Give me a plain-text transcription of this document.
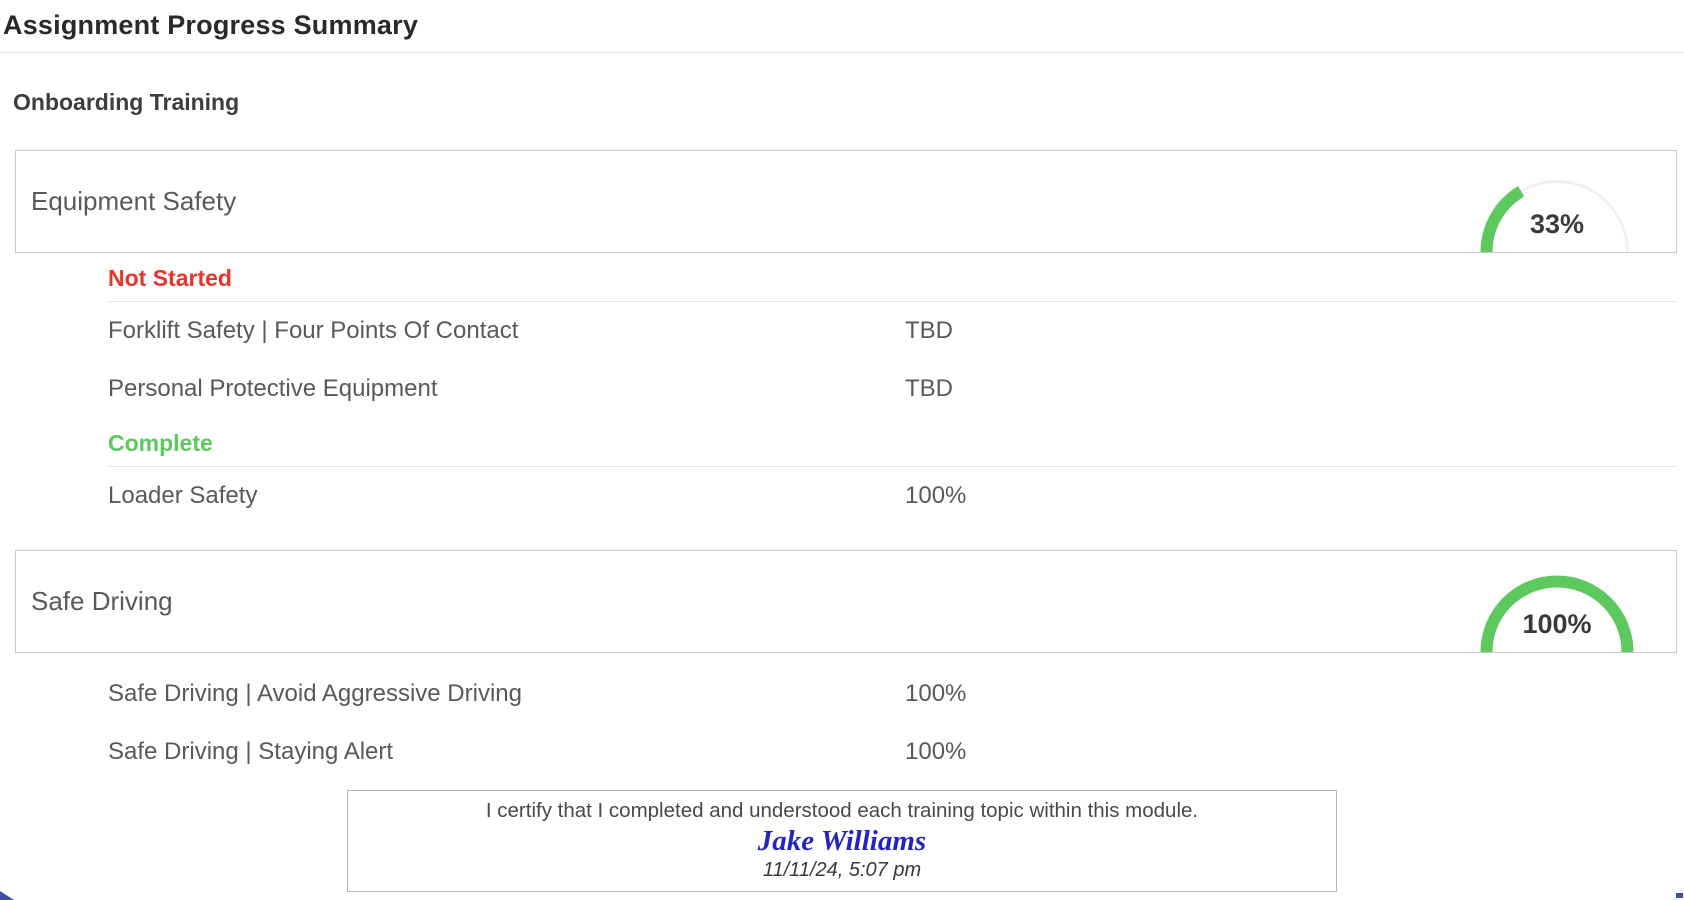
Assignment Progress Summary
Onboarding Training
Equipment Safety
33%
Not Started
Forklift Safety | Four Points Of Contact	TBD
Personal Protective Equipment	TBD
Complete
Loader Safety	100%
Safe Driving
100%
Safe Driving | Avoid Aggressive Driving	100%
Safe Driving | Staying Alert	100%
I certify that I completed and understood each training topic within this module.
Jake Williams
11/11/24, 5:07 pm
